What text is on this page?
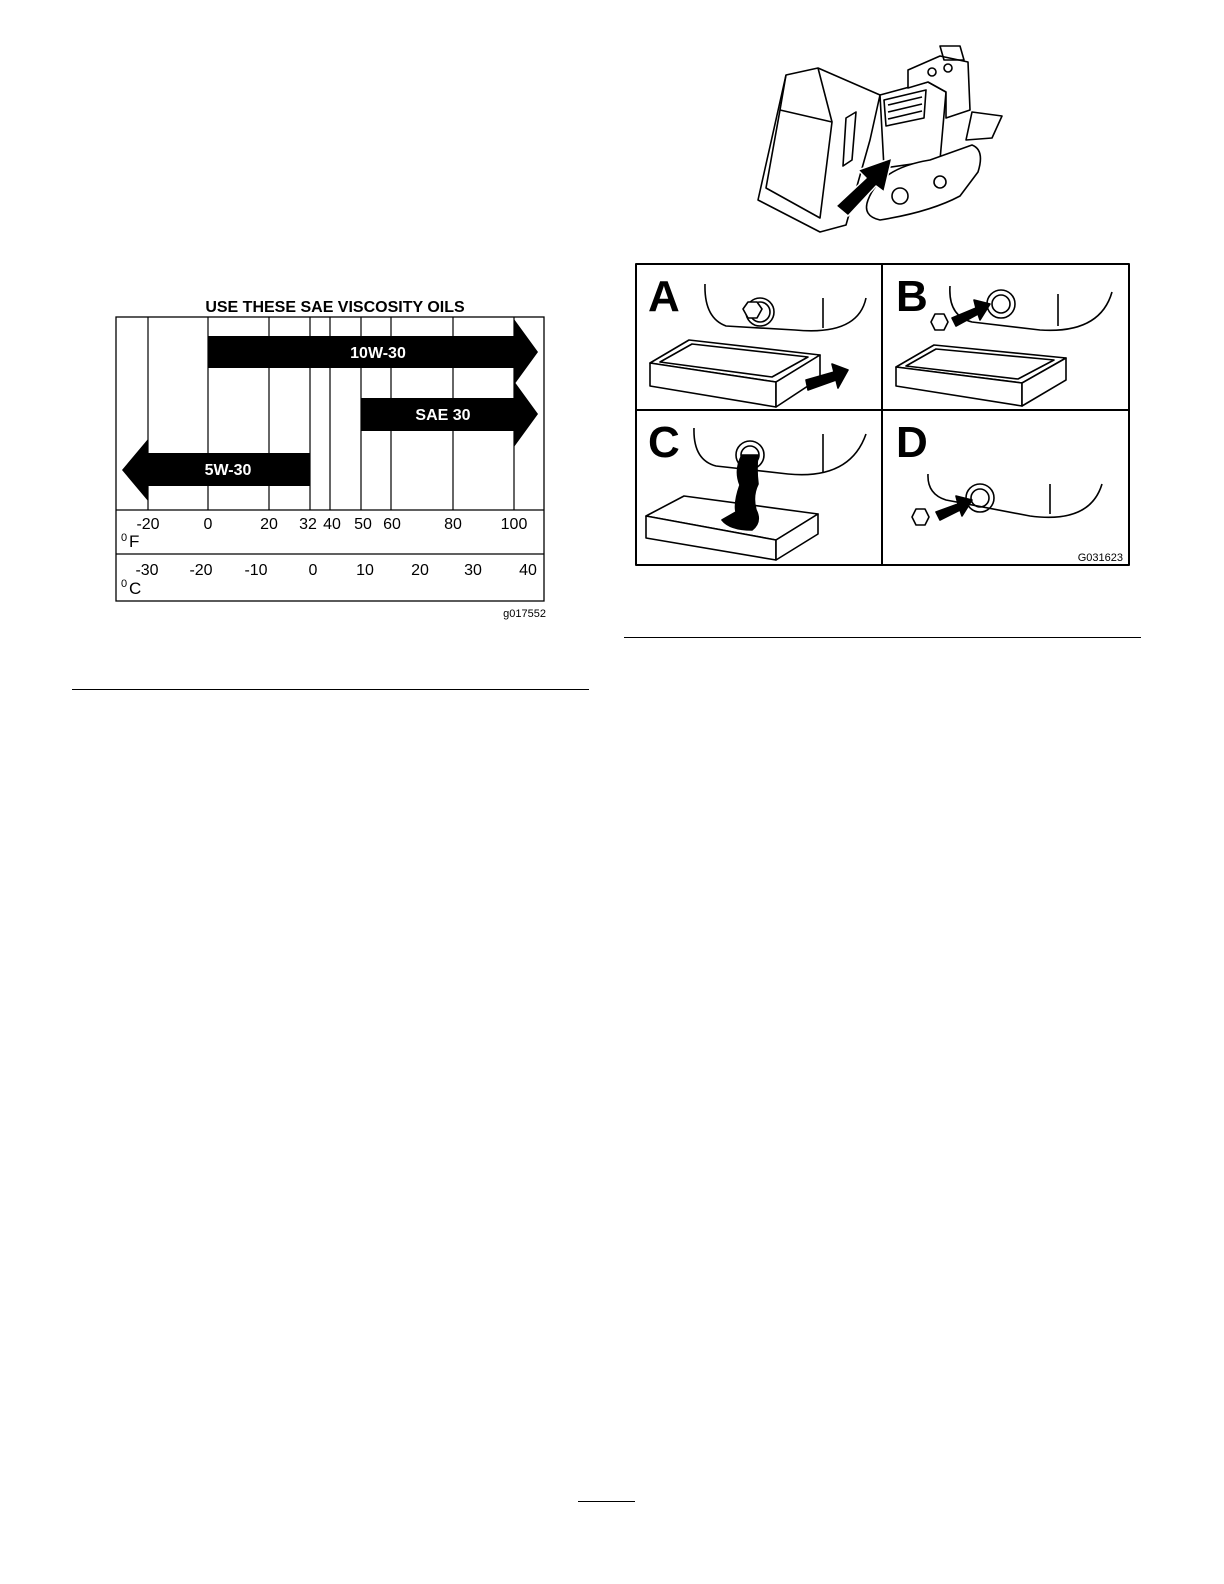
USE THESE SAE VISCOSITY OILS
10W-30
SAE 30
5W-30
-20	0	20 32 40 50 60	80 100
0 F
-30 -20 -10	0 10 20 30 40
0 C
g017552
A	B
C	D
G031623
